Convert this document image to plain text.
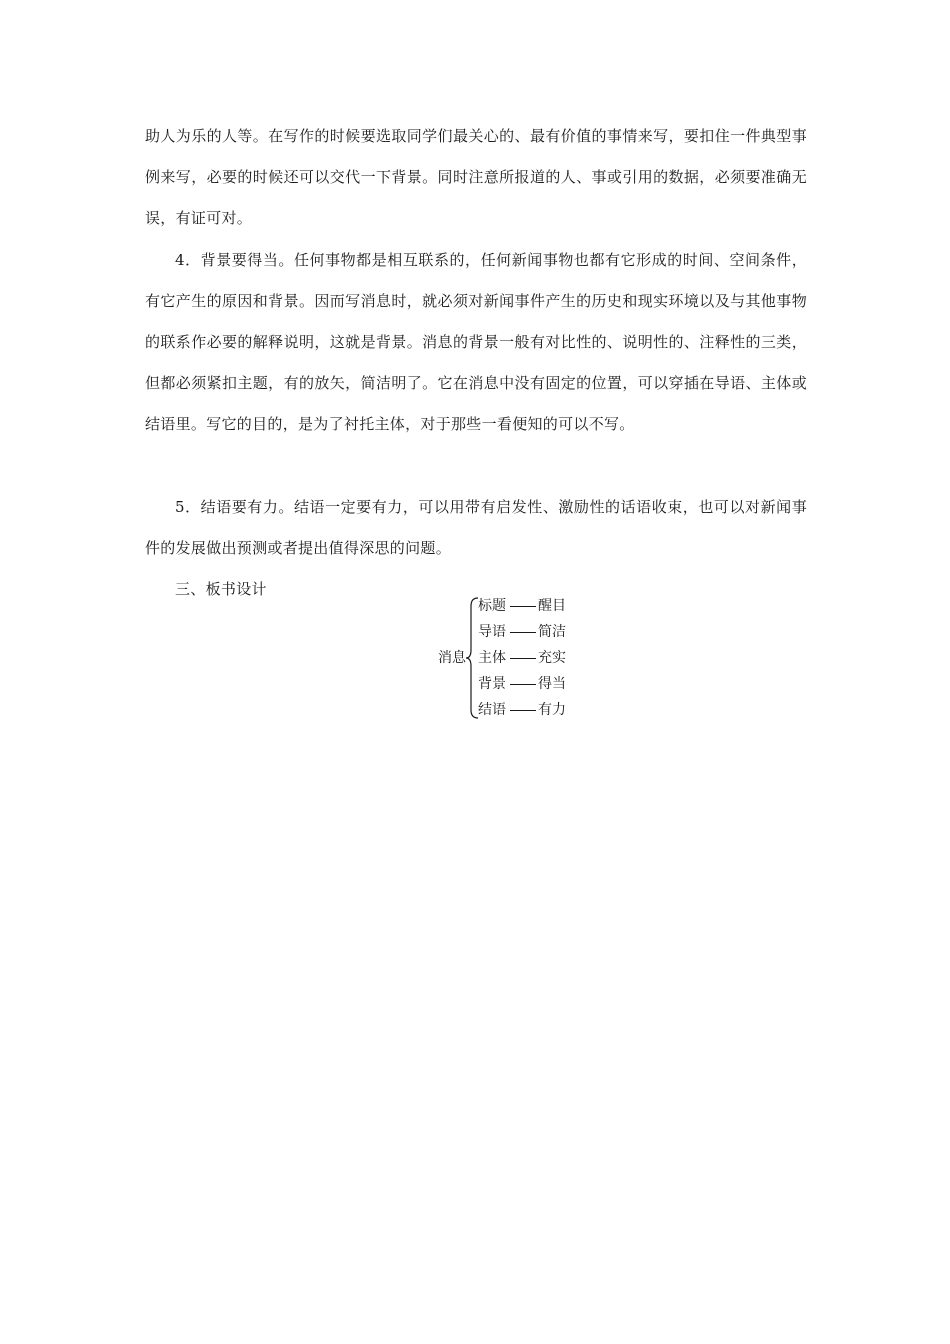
助人为乐的人等。在写作的时候要选取同学们最关心的、最有价值的事情来写，要扣住一件典型事例来写，必要的时候还可以交代一下背景。同时注意所报道的人、事或引用的数据，必须要准确无误，有证可对。
4．背景要得当。任何事物都是相互联系的，任何新闻事物也都有它形成的时间、空间条件，有它产生的原因和背景。因而写消息时，就必须对新闻事件产生的历史和现实环境以及与其他事物的联系作必要的解释说明，这就是背景。消息的背景一般有对比性的、说明性的、注释性的三类，但都必须紧扣主题，有的放矢，简洁明了。它在消息中没有固定的位置，可以穿插在导语、主体或结语里。写它的目的，是为了衬托主体，对于那些一看便知的可以不写。
5．结语要有力。结语一定要有力，可以用带有启发性、激励性的话语收束，也可以对新闻事件的发展做出预测或者提出值得深思的问题。
三、板书设计
消息
标题 醒目
导语 简洁
主体 充实
背景 得当
结语 有力
